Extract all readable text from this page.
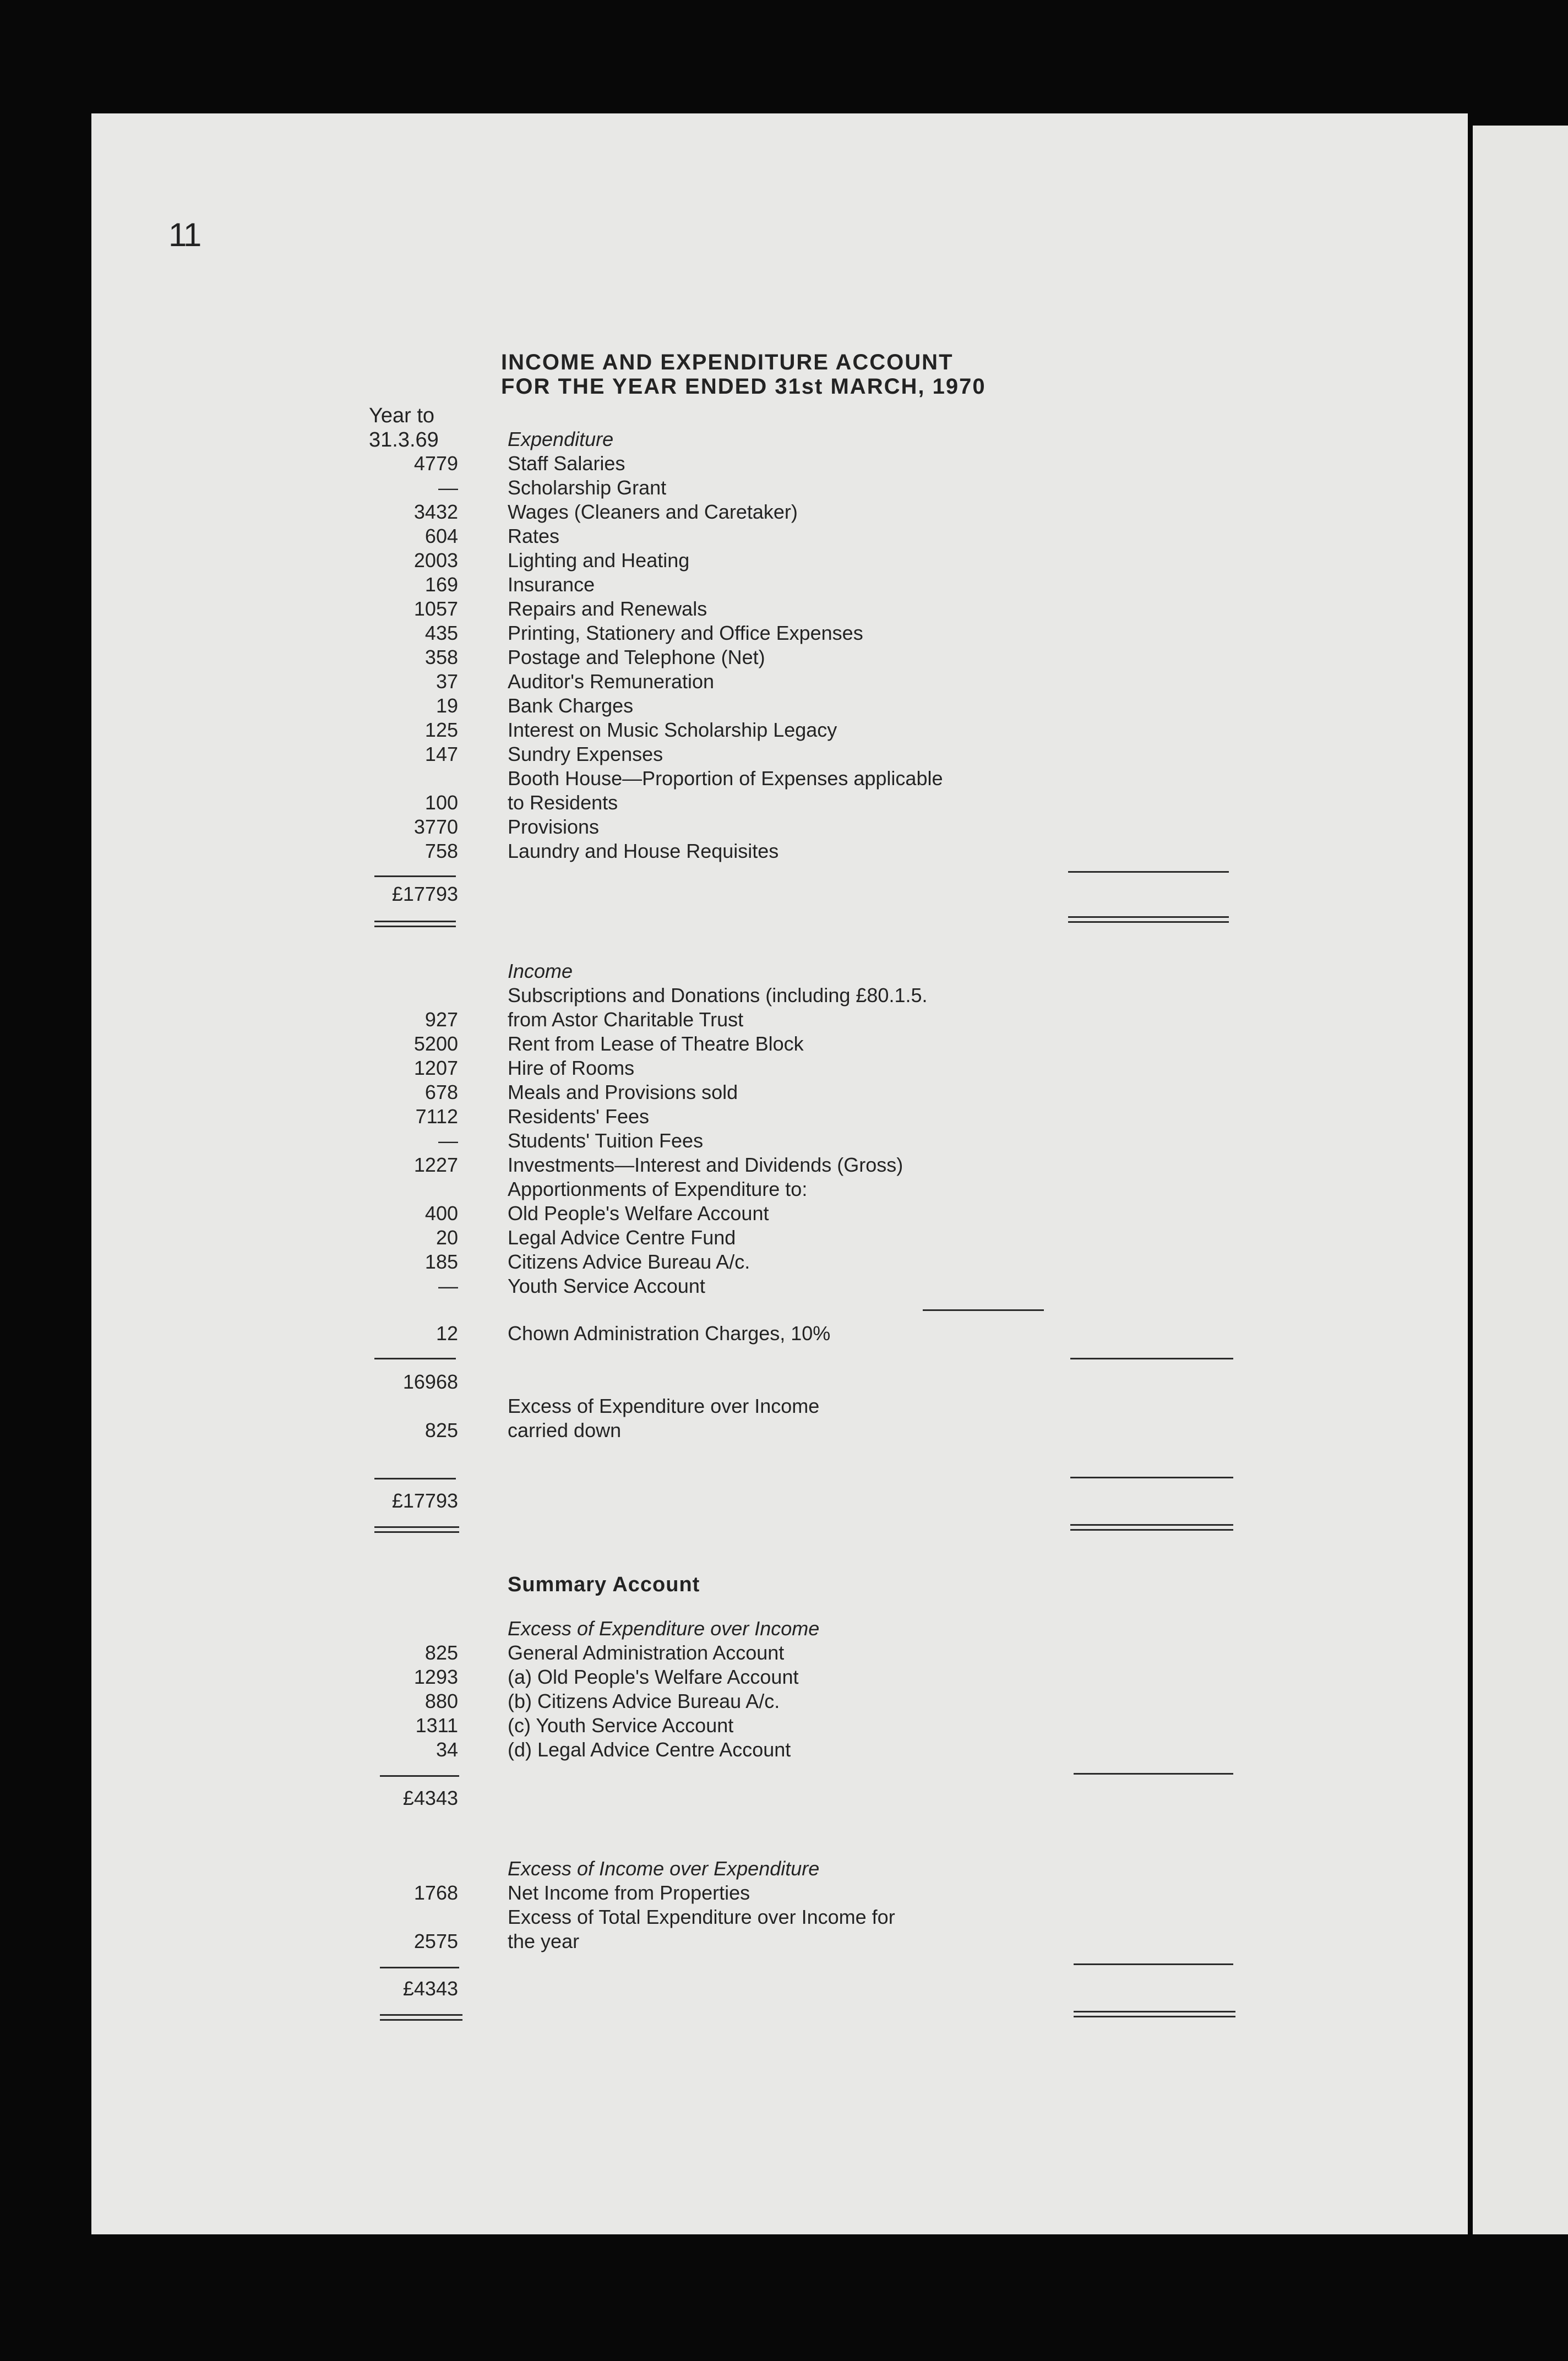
11
INCOME AND EXPENDITURE ACCOUNT
FOR THE YEAR ENDED 31st MARCH, 1970
Year to
31.3.69	Expenditure
4779	Staff Salaries
—	Scholarship Grant
3432	Wages (Cleaners and Caretaker)
604	Rates
2003	Lighting and Heating
169	Insurance
1057	Repairs and Renewals
435	Printing, Stationery and Office Expenses
358	Postage and Telephone (Net)
37	Auditor's Remuneration
19	Bank Charges
125	Interest on Music Scholarship Legacy
147	Sundry Expenses
Booth House—Proportion of Expenses applicable
100	to Residents
3770	Provisions
758	Laundry and House Requisites
£17793
Income
Subscriptions and Donations (including £80.1.5.
927	from Astor Charitable Trust
5200	Rent from Lease of Theatre Block
1207	Hire of Rooms
678	Meals and Provisions sold
7112	Residents' Fees
—	Students' Tuition Fees
1227	Investments—Interest and Dividends (Gross)
Apportionments of Expenditure to:
400	Old People's Welfare Account
20	Legal Advice Centre Fund
185	Citizens Advice Bureau A/c.
—	Youth Service Account
12	Chown Administration Charges, 10%
16968
Excess of Expenditure over Income
825	carried down
£17793
Summary Account
Excess of Expenditure over Income
825	General Administration Account
1293	(a) Old People's Welfare Account
880	(b) Citizens Advice Bureau A/c.
1311	(c) Youth Service Account
34	(d) Legal Advice Centre Account
£4343
Excess of Income over Expenditure
1768	Net Income from Properties
Excess of Total Expenditure over Income for
2575	the year
£4343
